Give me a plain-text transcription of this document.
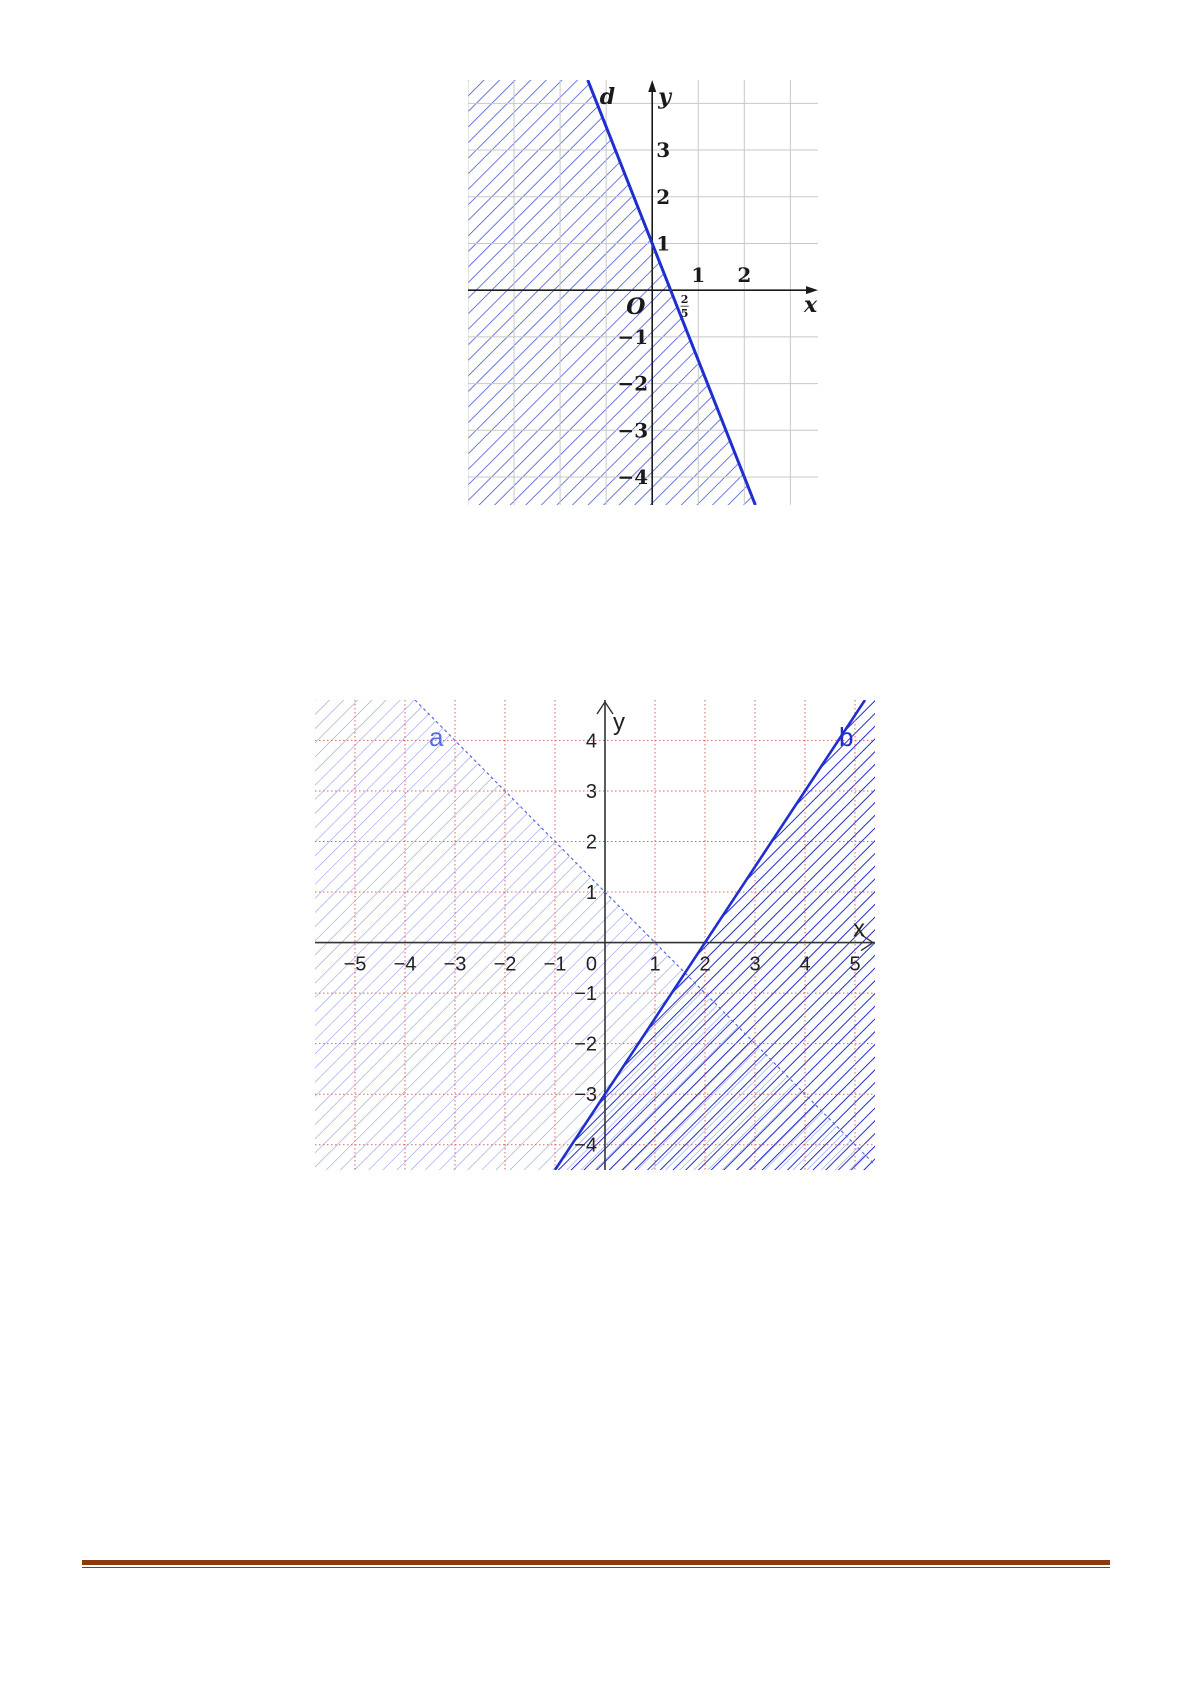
1 2
3
2
1
−1
−2
−3
−4
d y
x
O	2
5
−5 −4 −3 −2 −1	1 2 3 4 5
4
3
2
1
−1
−2
−3
−4
a	b
y
x
0
